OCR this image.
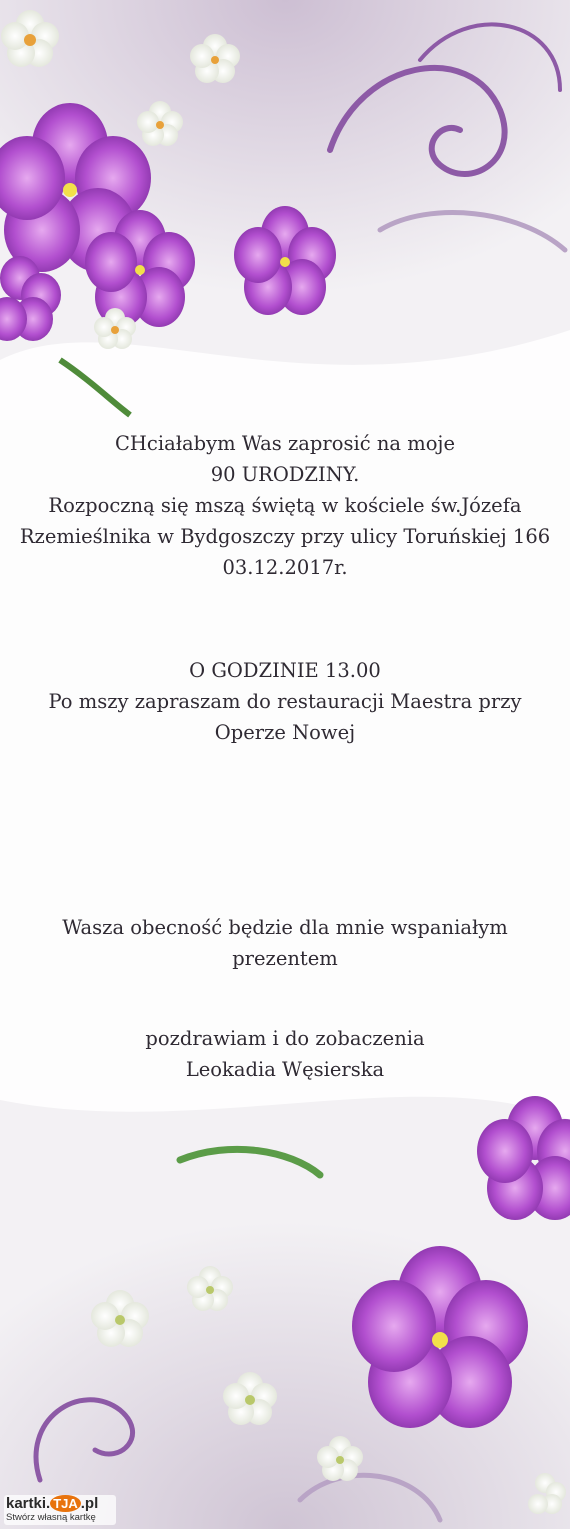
CHciałabym Was zaprosić na moje
90 URODZINY.
Rozpoczną się mszą świętą w kościele św.Józefa
Rzemieślnika w Bydgoszczy przy ulicy Toruńskiej 166
03.12.2017r.
O GODZINIE 13.00
Po mszy zapraszam do restauracji Maestra przy
Operze Nowej
Wasza obecność będzie dla mnie wspaniałym
prezentem
pozdrawiam i do zobaczenia
Leokadia Węsierska
kartki. TJA .pl
Stwórz własną kartkę
